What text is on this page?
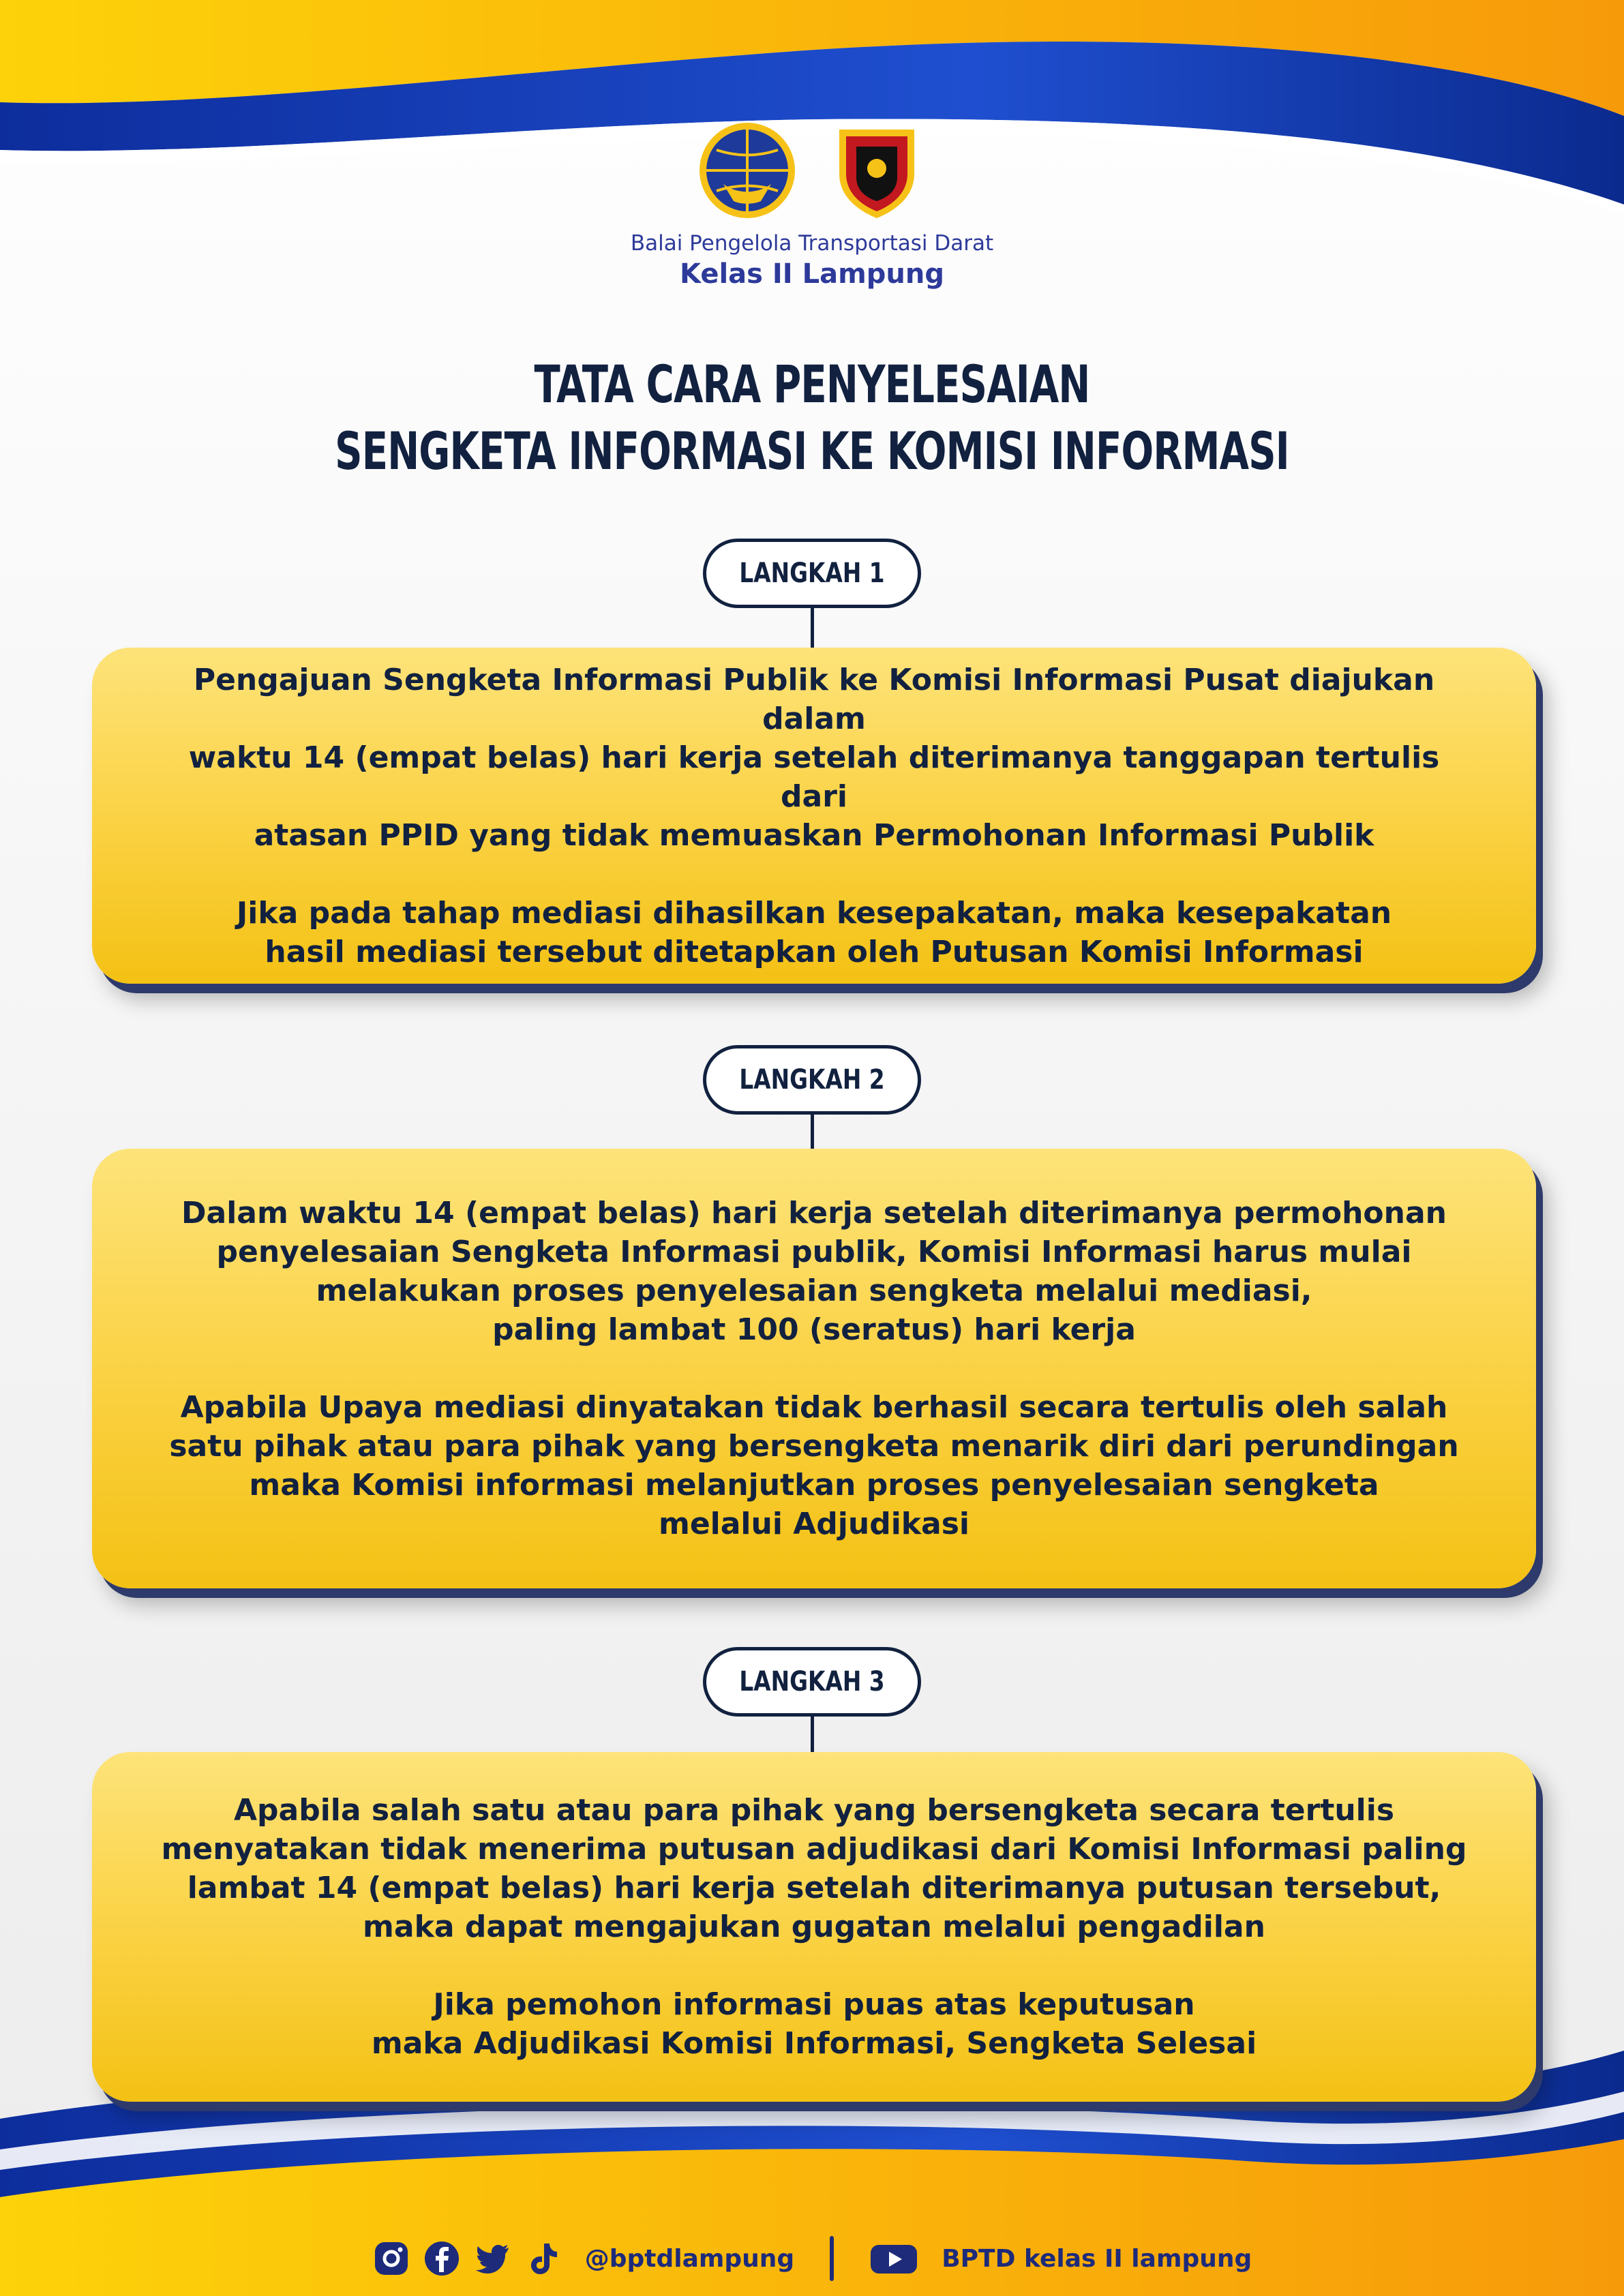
Balai Pengelola Transportasi Darat
Kelas II Lampung
TATA CARA PENYELESAIAN
SENGKETA INFORMASI KE KOMISI INFORMASI
LANGKAH 1

Pengajuan Sengketa Informasi Publik ke Komisi Informasi Pusat diajukan dalam
waktu 14 (empat belas) hari kerja setelah diterimanya tanggapan tertulis dari
atasan PPID yang tidak memuaskan Permohonan Informasi Publik

Jika pada tahap mediasi dihasilkan kesepakatan, maka kesepakatan
hasil mediasi tersebut ditetapkan oleh Putusan Komisi Informasi

LANGKAH 2

Dalam waktu 14 (empat belas) hari kerja setelah diterimanya permohonan
penyelesaian Sengketa Informasi publik, Komisi Informasi harus mulai
melakukan proses penyelesaian sengketa melalui mediasi,
paling lambat 100 (seratus) hari kerja

Apabila Upaya mediasi dinyatakan tidak berhasil secara tertulis oleh salah
satu pihak atau para pihak yang bersengketa menarik diri dari perundingan
maka Komisi informasi melanjutkan proses penyelesaian sengketa
melalui Adjudikasi

LANGKAH 3

Apabila salah satu atau para pihak yang bersengketa secara tertulis
menyatakan tidak menerima putusan adjudikasi dari Komisi Informasi paling
lambat 14 (empat belas) hari kerja setelah diterimanya putusan tersebut,
maka dapat mengajukan gugatan melalui pengadilan

Jika pemohon informasi puas atas keputusan
maka Adjudikasi Komisi Informasi, Sengketa Selesai

@bptdlampung	BPTD kelas II lampung
